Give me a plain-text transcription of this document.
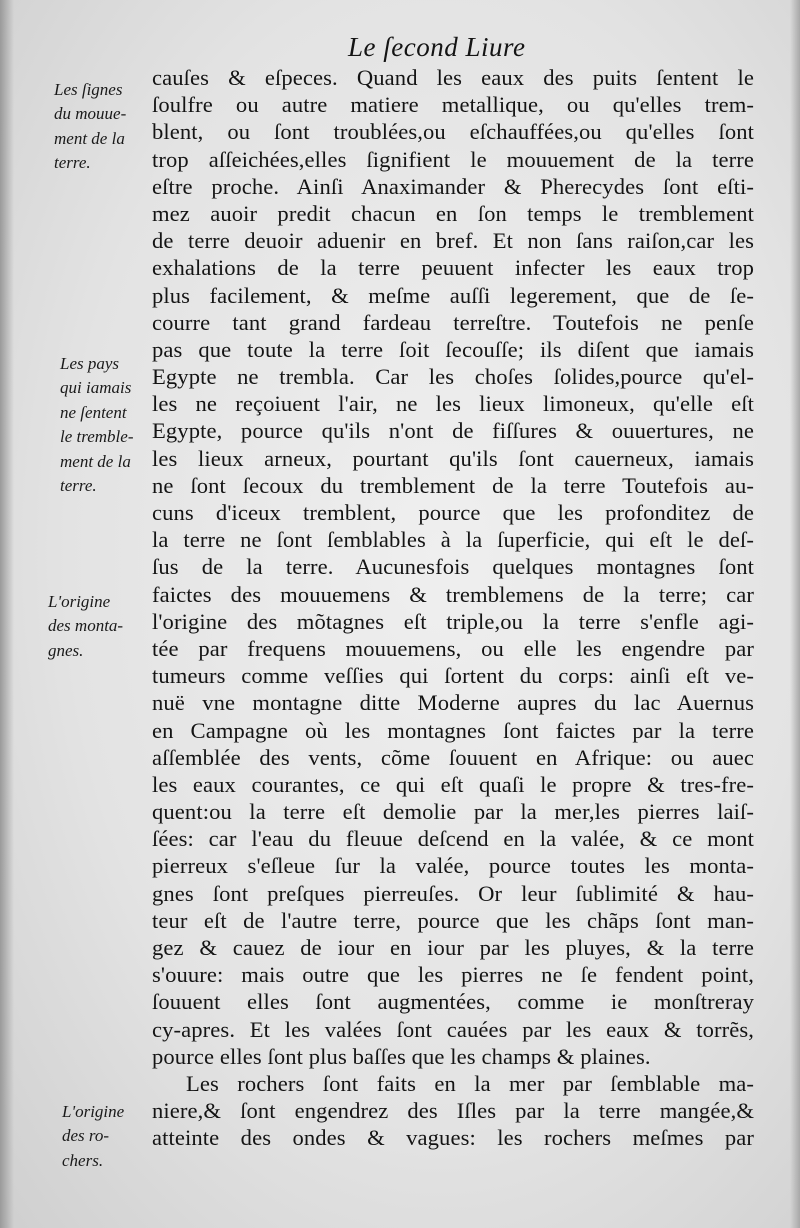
Le ſecond Liure
Les ſignes
du mouue-
ment de la
terre.
Les pays
qui iamais
ne ſentent
le tremble-
ment de la
terre.
L'origine
des monta-
gnes.
L'origine
des ro-
chers.
cauſes & eſpeces. Quand les eaux des puits ſentent le
ſoulfre ou autre matiere metallique, ou qu'elles trem-
blent, ou ſont troublées,ou eſchauffées,ou qu'elles ſont
trop aſſeichées,elles ſignifient le mouuement de la terre
eſtre proche. Ainſi Anaximander & Pherecydes ſont eſti-
mez auoir predit chacun en ſon temps le tremblement
de terre deuoir aduenir en bref. Et non ſans raiſon,car les
exhalations de la terre peuuent infecter les eaux trop
plus facilement, & meſme auſſi legerement, que de ſe-
courre tant grand fardeau terreſtre. Toutefois ne penſe
pas que toute la terre ſoit ſecouſſe; ils diſent que iamais
Egypte ne trembla. Car les choſes ſolides,pource qu'el-
les ne reçoiuent l'air, ne les lieux limoneux, qu'elle eſt
Egypte, pource qu'ils n'ont de fiſſures & ouuertures, ne
les lieux arneux, pourtant qu'ils ſont cauerneux, iamais
ne ſont ſecoux du tremblement de la terre Toutefois au-
cuns d'iceux tremblent, pource que les profonditez de
la terre ne ſont ſemblables à la ſuperficie, qui eſt le deſ-
ſus de la terre. Aucunesfois quelques montagnes ſont
faictes des mouuemens & tremblemens de la terre; car
l'origine des mõtagnes eſt triple,ou la terre s'enfle agi-
tée par frequens mouuemens, ou elle les engendre par
tumeurs comme veſſies qui ſortent du corps: ainſi eſt ve-
nuë vne montagne ditte Moderne aupres du lac Auernus
en Campagne où les montagnes ſont faictes par la terre
aſſemblée des vents, cõme ſouuent en Afrique: ou auec
les eaux courantes, ce qui eſt quaſi le propre & tres-fre-
quent:ou la terre eſt demolie par la mer,les pierres laiſ-
ſées: car l'eau du fleuue deſcend en la valée, & ce mont
pierreux s'eſleue ſur la valée, pource toutes les monta-
gnes ſont preſques pierreuſes. Or leur ſublimité & hau-
teur eſt de l'autre terre, pource que les chãps ſont man-
gez & cauez de iour en iour par les pluyes, & la terre
s'ouure: mais outre que les pierres ne ſe fendent point,
ſouuent elles ſont augmentées, comme ie monſtreray
cy-apres. Et les valées ſont cauées par les eaux & torrẽs,
pource elles ſont plus baſſes que les champs & plaines.
Les rochers ſont faits en la mer par ſemblable ma-
niere,& ſont engendrez des Iſles par la terre mangée,&
atteinte des ondes & vagues: les rochers meſmes par
